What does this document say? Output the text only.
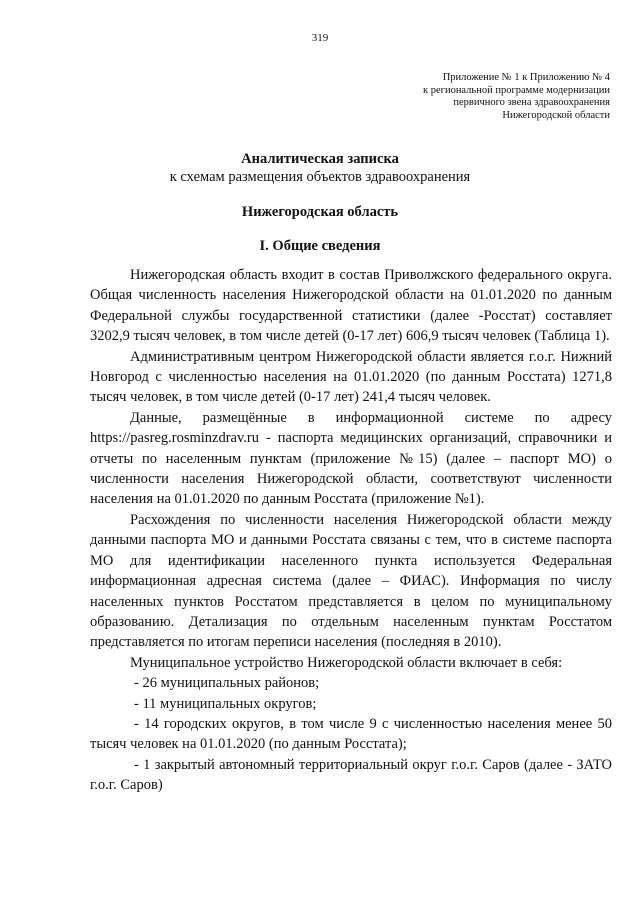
319
Приложение № 1 к Приложению № 4
к региональной программе модернизации
первичного звена здравоохранения
Нижегородской области
Аналитическая записка
к схемам размещения объектов здравоохранения
Нижегородская область
I. Общие сведения

Нижегородская область входит в состав Приволжского федерального округа. Общая численность населения Нижегородской области на 01.01.2020 по данным Федеральной службы государственной статистики (далее -Росстат) составляет 3202,9 тысяч человек, в том числе детей (0-17 лет) 606,9 тысяч человек (Таблица 1).

Административным центром Нижегородской области является г.о.г. Нижний Новгород с численностью населения на 01.01.2020 (по данным Росстата) 1271,8 тысяч человек, в том числе детей (0-17 лет) 241,4 тысяч человек.

Данные, размещённые в информационной системе по адресу https://pasreg.rosminzdrav.ru - паспорта медицинских организаций, справочники и отчеты по населенным пунктам (приложение №15) (далее – паспорт МО) о численности населения Нижегородской области, соответствуют численности населения на 01.01.2020 по данным Росстата (приложение №1).

Расхождения по численности населения Нижегородской области между данными паспорта МО и данными Росстата связаны с тем, что в системе паспорта МО для идентификации населенного пункта используется Федеральная информационная адресная система (далее – ФИАС). Информация по числу населенных пунктов Росстатом представляется в целом по муниципальному образованию. Детализация по отдельным населенным пунктам Росстатом представляется по итогам переписи населения (последняя в 2010).

Муниципальное устройство Нижегородской области включает в себя:

- 26 муниципальных районов;

- 11 муниципальных округов;

- 14 городских округов, в том числе 9 с численностью населения менее 50 тысяч человек на 01.01.2020 (по данным Росстата);

- 1 закрытый автономный территориальный округ г.о.г. Саров (далее - ЗАТО г.о.г. Саров)
